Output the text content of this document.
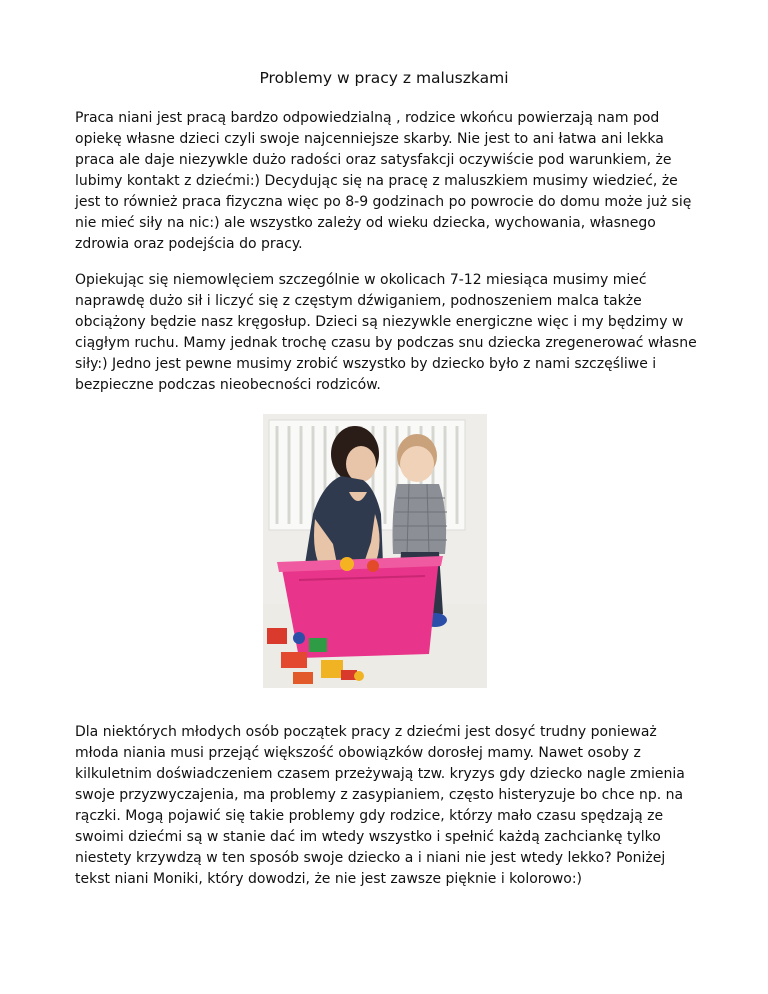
Problemy w pracy z maluszkami

Praca niani jest pracą bardzo odpowiedzialną , rodzice wkońcu powierzają nam pod opiekę własne dzieci czyli swoje najcenniejsze skarby. Nie jest to ani łatwa ani lekka praca ale daje niezywkle dużo radości oraz satysfakcji oczywiście pod warunkiem, że lubimy kontakt z dziećmi:) Decydując się na pracę z maluszkiem musimy wiedzieć, że jest to również praca fizyczna więc po 8-9 godzinach po powrocie do domu może już się nie mieć siły na nic:) ale wszystko zależy od wieku dziecka, wychowania, własnego zdrowia oraz podejścia do pracy.

Opiekując się niemowlęciem szczególnie w okolicach 7-12 miesiąca musimy mieć naprawdę dużo sił i liczyć się z częstym dźwiganiem, podnoszeniem malca także obciążony będzie nasz kręgosłup. Dzieci są niezywkle energiczne więc i my będzimy w ciągłym ruchu. Mamy jednak trochę czasu by podczas snu dziecka zregenerować własne siły:) Jedno jest pewne musimy zrobić wszystko by dziecko było z nami szczęśliwe i bezpieczne podczas nieobecności rodziców.

Dla niektórych młodych osób początek pracy z dziećmi jest dosyć trudny ponieważ młoda niania musi przejąć większość obowiązków dorosłej mamy. Nawet osoby z kilkuletnim doświadczeniem czasem przeżywają tzw. kryzys gdy dziecko nagle zmienia swoje przyzwyczajenia, ma problemy z zasypianiem, często histeryzuje bo chce np. na rączki. Mogą pojawić się takie problemy gdy rodzice, którzy mało czasu spędzają ze swoimi dziećmi są w stanie dać im wtedy wszystko i spełnić każdą zachciankę tylko niestety krzywdzą w ten sposób swoje dziecko a i niani nie jest wtedy lekko? Poniżej tekst niani Moniki, który dowodzi, że nie jest zawsze pięknie i kolorowo:)
